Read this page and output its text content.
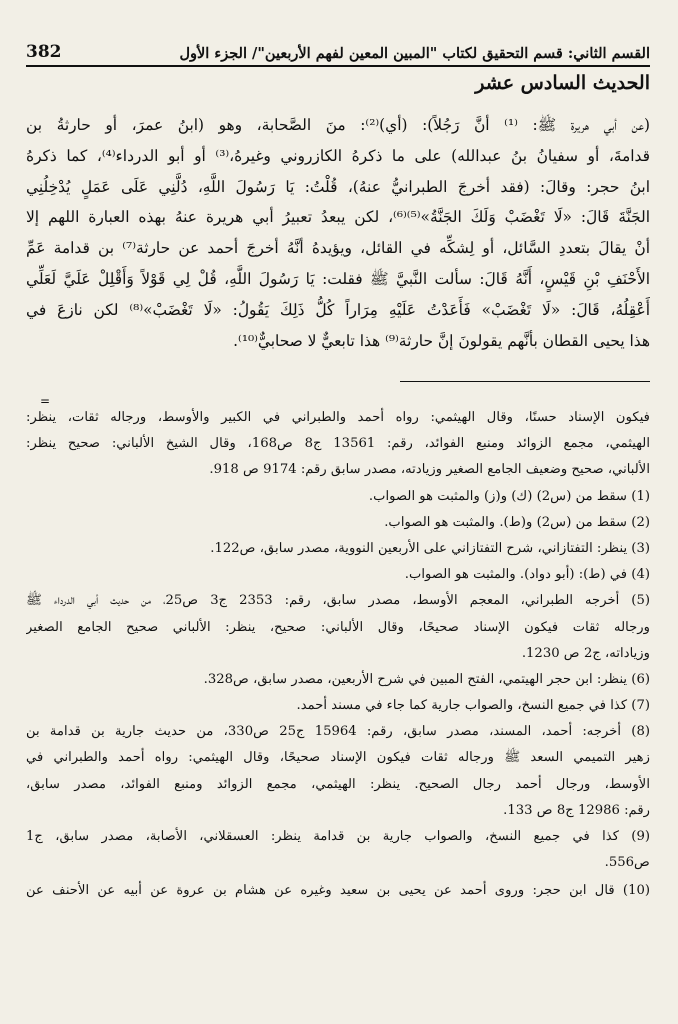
القسم الثاني: قسم التحقيق لكتاب "المبين المعين لفهم الأربعين"/ الجزء الأول
382
الحديث السادس عشر
(عن أبي هريرة ﷺ: ⁽¹⁾ أنَّ رَجُلاً): (أي)⁽²⁾: منَ الصَّحابة، وهو (ابنُ عمرَ، أو حارثةُ بن
قدامةَ، أو سفيانُ بنُ عبدالله) على ما ذكرهُ الكازروني وغيرهُ،⁽³⁾ أو أبو الدرداء⁽⁴⁾، كما ذكرهُ
ابنُ حجر: وقالَ: (فقد أخرجَ الطبرانيُّ عنهُ)، قُلْتُ: يَا رَسُولَ اللَّهِ، دُلَّنِي عَلَى عَمَلٍ يُدْخِلُنِي
الجَنَّةَ قَالَ: «لَا تَغْضَبْ وَلَكَ الجَنَّةُ»⁽⁵⁾⁽⁶⁾، لكن يبعدُ تعبيرُ أبي هريرة عنهُ بهذه العبارة اللهم إلا
أنْ يقالَ بتعددِ السَّائل، أو لِشكِّه في القائل، ويؤيدهُ أنَّهُ أخرجَ أحمد عن حارثة⁽⁷⁾ بن قدامة عَمِّ
الأَحْنَفِ بْنِ قَيْسٍ، أَنَّهُ قَالَ: سألت النَّبيَّ ﷺ فقلت: يَا رَسُولَ اللَّهِ، قُلْ لِي قَوْلاً وَأَقْلِلْ عَلَيَّ لَعَلِّي
أَعْقِلُهُ، قَالَ: «لَا تَغْضَبْ» فَأَعَدْتُ عَلَيْهِ مِرَاراً كُلُّ ذَلِكَ يَقُولُ: «لَا تَغْضَبْ»⁽⁸⁾ لكن نازعَ في
هذا يحيى القطان بأنَّهم يقولونَ إنَّ حارثة⁽⁹⁾ هذا تابعيٌّ لا صحابيٌّ⁽¹⁰⁾.
=
فيكون الإسناد حسنًا، وقال الهيثمي: رواه أحمد والطبراني في الكبير والأوسط، ورجاله ثقات، ينظر:
الهيثمي، مجمع الزوائد ومنبع الفوائد، رقم: 13561 ج8 ص168، وقال الشيخ الألباني: صحيح ينظر:
الألباني، صحيح وضعيف الجامع الصغير وزيادته، مصدر سابق رقم: 9174 ص 918.
(1) سقط من (س2) (ك) و(ز) والمثبت هو الصواب.
(2) سقط من (س2) و(ط). والمثبت هو الصواب.
(3) ينظر: التفتازاني، شرح التفتازاني على الأربعين النووية، مصدر سابق، ص122.
(4) في (ط): (أبو دواد). والمثبت هو الصواب.
(5) أخرجه الطبراني، المعجم الأوسط، مصدر سابق، رقم: 2353 ج3 ص25، من حديث أبي الدرداء ﷺ
ورجاله ثقات فيكون الإسناد صحيحًا، وقال الألباني: صحيح، ينظر: الألباني صحيح الجامع الصغير
وزياداته، ج2 ص 1230.
(6) ينظر: ابن حجر الهيتمي، الفتح المبين في شرح الأربعين، مصدر سابق، ص328.
(7) كذا في جميع النسخ، والصواب جارية كما جاء في مسند أحمد.
(8) أخرجه: أحمد، المسند، مصدر سابق، رقم: 15964 ج25 ص330، من حديث جارية بن قدامة بن
زهير التميمي السعد ﷺ ورجاله ثقات فيكون الإسناد صحيحًا، وقال الهيثمي: رواه أحمد والطبراني في
الأوسط، ورجال أحمد رجال الصحيح. ينظر: الهيثمي، مجمع الزوائد ومنبع الفوائد، مصدر سابق،
رقم: 12986 ج8 ص 133.
(9) كذا في جميع النسخ، والصواب جارية بن قدامة ينظر: العسقلاني، الأصابة، مصدر سابق، ج1
ص556.
(10) قال ابن حجر: وروى أحمد عن يحيى بن سعيد وغيره عن هشام بن عروة عن أبيه عن الأحنف عن
